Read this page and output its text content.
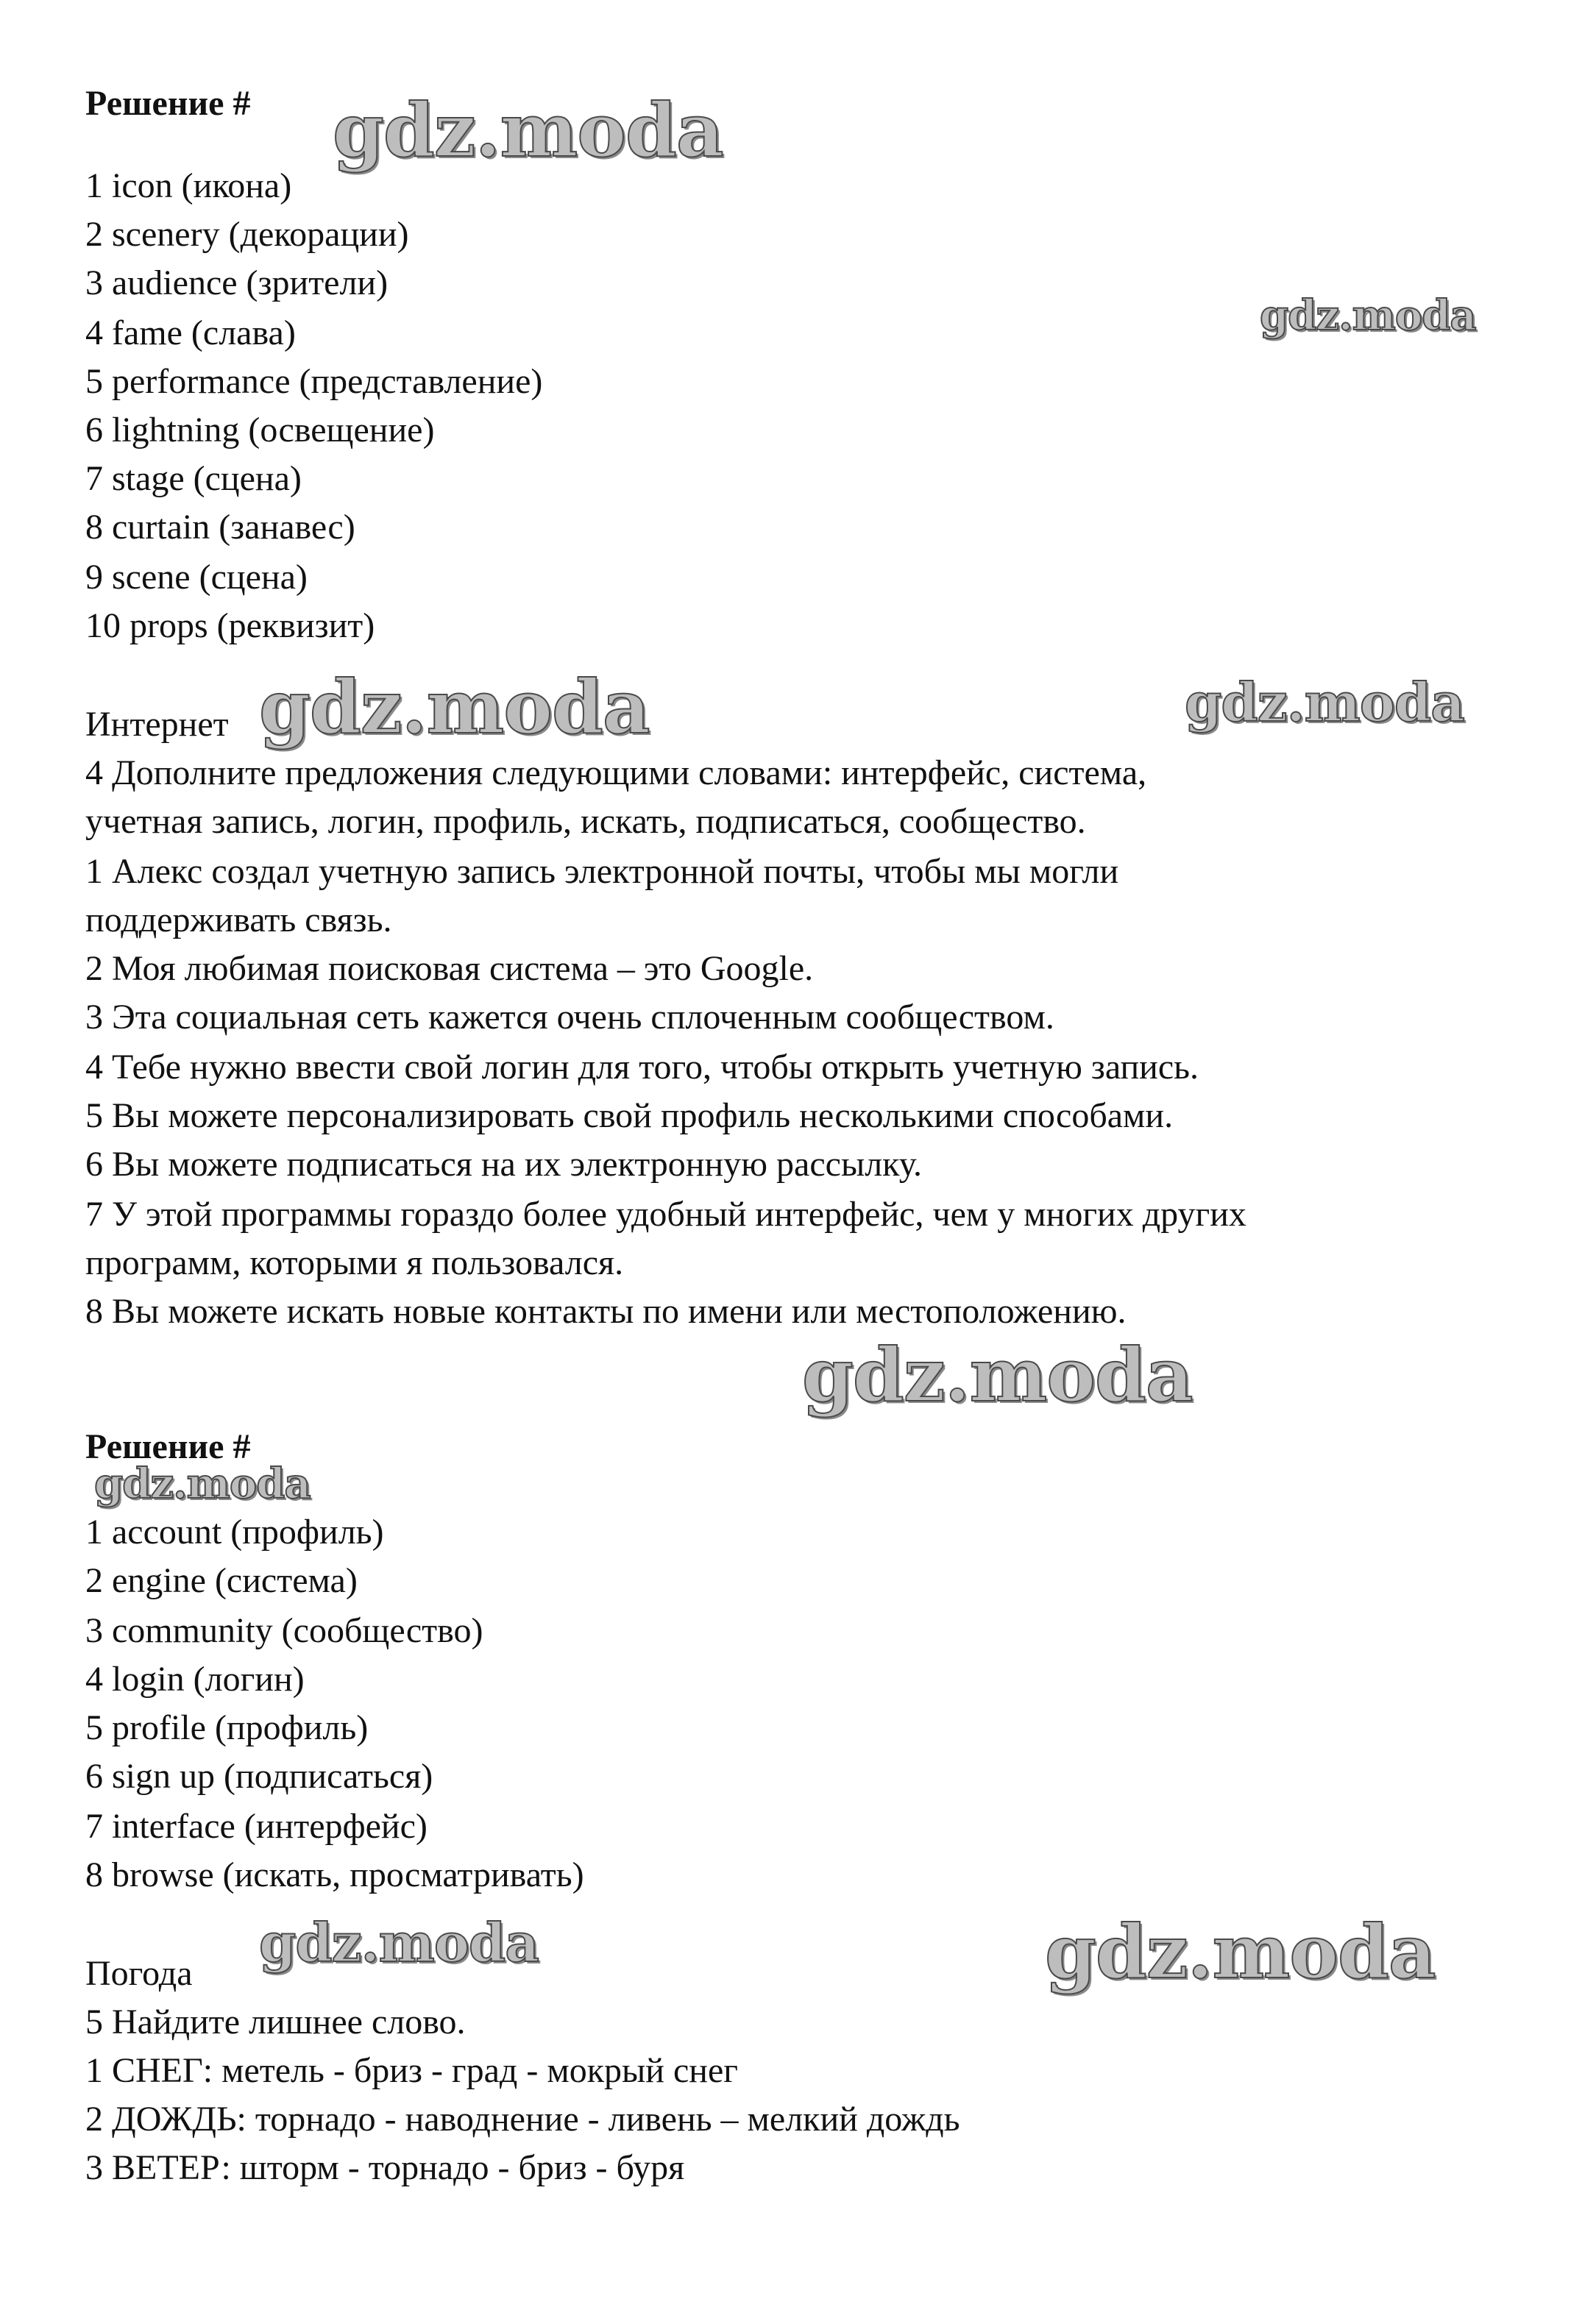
Решение #
1 icon (икона)
2 scenery (декорации)
3 audience (зрители)
4 fame (слава)
5 performance (представление)
6 lightning (освещение)
7 stage (сцена)
8 curtain (занавес)
9 scene (сцена)
10 props (реквизит)
Интернет
4 Дополните предложения следующими словами: интерфейс, система,
учетная запись, логин, профиль, искать, подписаться, сообщество.
1 Алекс создал учетную запись электронной почты, чтобы мы могли
поддерживать связь.
2 Моя любимая поисковая система – это Google.
3 Эта социальная сеть кажется очень сплоченным сообществом.
4 Тебе нужно ввести свой логин для того, чтобы открыть учетную запись.
5 Вы можете персонализировать свой профиль несколькими способами.
6 Вы можете подписаться на их электронную рассылку.
7 У этой программы гораздо более удобный интерфейс, чем у многих других
программ, которыми я пользовался.
8 Вы можете искать новые контакты по имени или местоположению.
Решение #
1 account (профиль)
2 engine (система)
3 community (сообщество)
4 login (логин)
5 profile (профиль)
6 sign up (подписаться)
7 interface (интерфейс)
8 browse (искать, просматривать)
Погода
5 Найдите лишнее слово.
1 СНЕГ: метель - бриз - град - мокрый снег
2 ДОЖДЬ: торнадо - наводнение - ливень – мелкий дождь
3 ВЕТЕР: шторм - торнадо - бриз - буря
gdz.moda
gdz.moda
gdz.moda	gdz.moda
gdz.moda
gdz.moda
gdz.moda	gdz.moda
